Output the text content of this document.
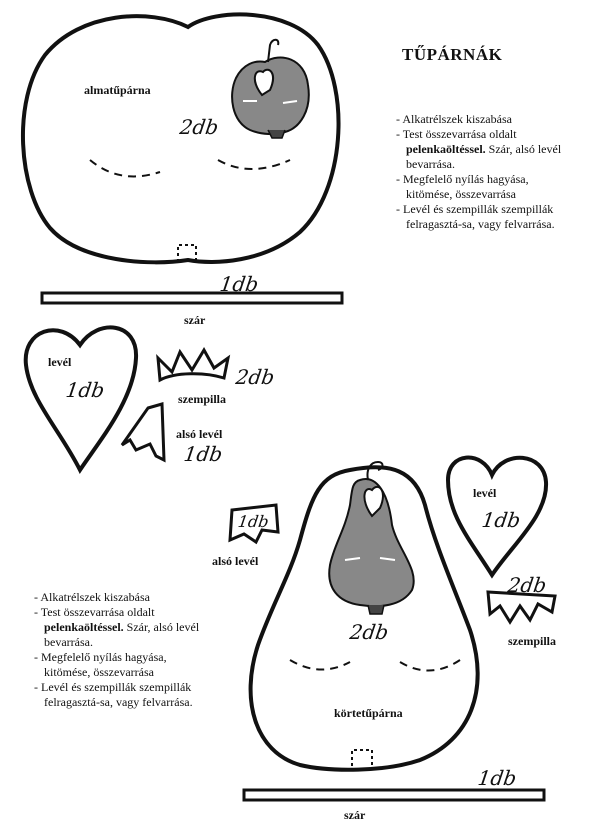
TŰPÁRNÁK
almatűpárna
2db
1db
szár
- Alkatrélszek kiszabása
- Test összevarrása oldalt pelenkaöltéssel. Szár, alsó levél bevarrása.
- Megfelelő nyílás hagyása, kitömése, összevarrása
- Levél és szempillák szempillák felragasztá-sa, vagy felvarrása.
levél
1db
2db
szempilla
alsó levél
1db
1db
alsó levél
levél
1db
2db
szempilla
2db
körtetűpárna
1db
szár
- Alkatrélszek kiszabása
- Test összevarrása oldalt pelenkaöltéssel. Szár, alsó levél bevarrása.
- Megfelelő nyílás hagyása, kitömése, összevarrása
- Levél és szempillák szempillák felragasztá-sa, vagy felvarrása.
